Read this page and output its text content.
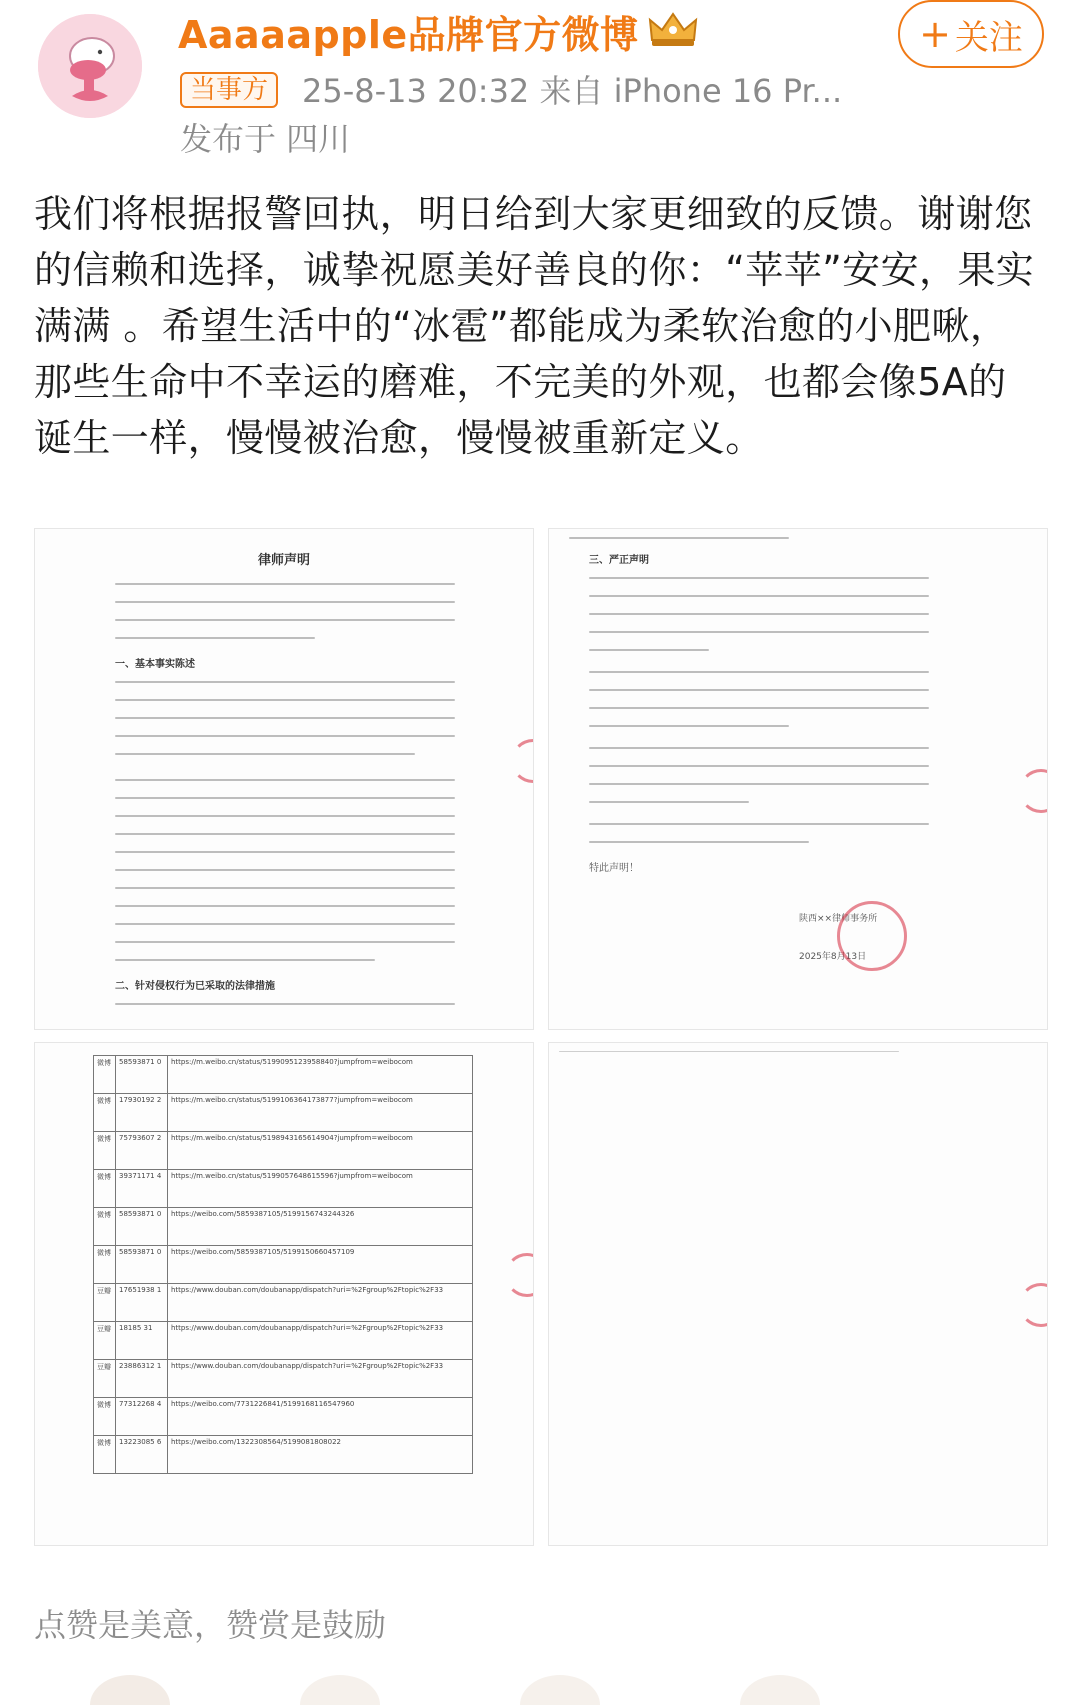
Aaaaapple品牌官方微博	+ 关注
当事方	25-8-13 20:32 来自 iPhone 16 Pr...
发布于 四川
我们将根据报警回执，明日给到大家更细致的反馈。谢谢您的信赖和选择，诚挚祝愿美好善良的你：“苹苹”安安，果实满满 。希望生活中的“冰雹”都能成为柔软治愈的小肥啾，那些生命中不幸运的磨难，不完美的外观，也都会像5A的诞生一样，慢慢被治愈，慢慢被重新定义。
律师声明
一、基本事实陈述
二、针对侵权行为已采取的法律措施
三、严正声明
特此声明！
陕西××律师事务所
2025年8月13日
微博	58593871 0	https://m.weibo.cn/status/5199095123958840?jumpfrom=weibocom
微博	17930192 2	https://m.weibo.cn/status/5199106364173877?jumpfrom=weibocom
微博	75793607 2	https://m.weibo.cn/status/5198943165614904?jumpfrom=weibocom
微博	39371171 4	https://m.weibo.cn/status/5199057648615596?jumpfrom=weibocom
微博	58593871 0	https://weibo.com/5859387105/5199156743244326
微博	58593871 0	https://weibo.com/5859387105/5199150660457109
豆瓣	17651938 1	https://www.douban.com/doubanapp/dispatch?uri=%2Fgroup%2Ftopic%2F33
豆瓣	18185 31	https://www.douban.com/doubanapp/dispatch?uri=%2Fgroup%2Ftopic%2F33
豆瓣	23886312 1	https://www.douban.com/doubanapp/dispatch?uri=%2Fgroup%2Ftopic%2F33
微博	77312268 4	https://weibo.com/7731226841/5199168116547960
微博	13223085 6	https://weibo.com/1322308564/5199081808022
点赞是美意，赞赏是鼓励
